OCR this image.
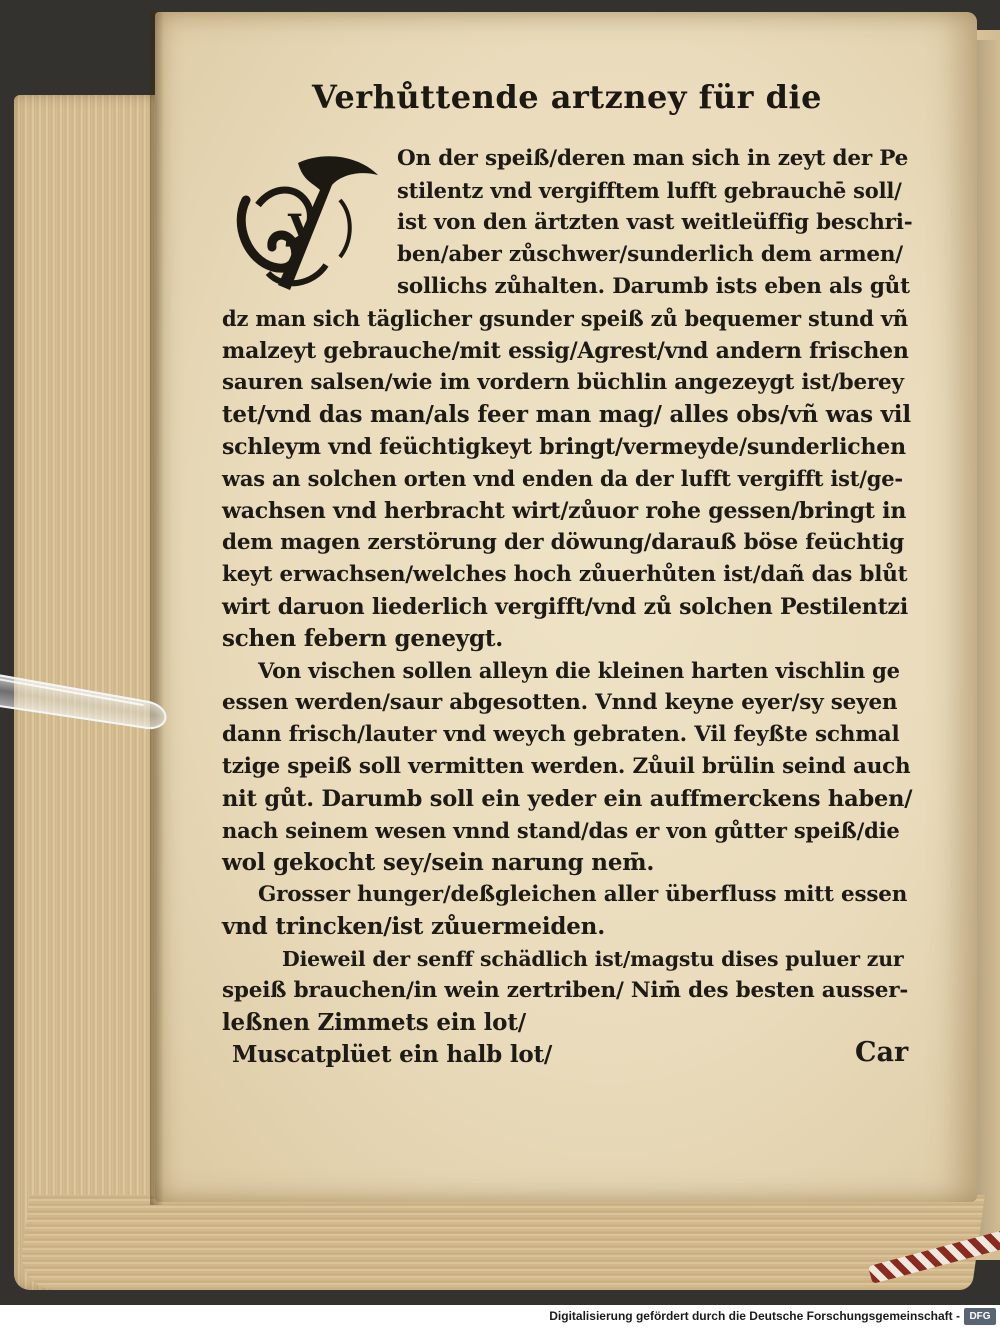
Verhůttende artzney für die
V
On der speiß/deren man sich in zeyt der Pe
stilentz vnd vergifftem lufft gebrauchē soll/
ist von den ärtzten vast weitleüffig beschri-
ben/aber zůschwer/sunderlich dem armen/
sollichs zůhalten. Darumb ists eben als gůt
dz man sich täglicher gsunder speiß zů bequemer stund vñ
malzeyt gebrauche/mit essig/Agrest/vnd andern frischen
sauren salsen/wie im vordern büchlin angezeygt ist/berey
tet/vnd das man/als feer man mag/ alles obs/vñ was vil
schleym vnd feüchtigkeyt bringt/vermeyde/sunderlichen
was an solchen orten vnd enden da der lufft vergifft ist/ge-
wachsen vnd herbracht wirt/zůuor rohe gessen/bringt in
dem magen zerstörung der döwung/darauß böse feüchtig
keyt erwachsen/welches hoch zůuerhůten ist/dañ das blůt
wirt daruon liederlich vergifft/vnd zů solchen Pestilentzi
schen febern geneygt.
Von vischen sollen alleyn die kleinen harten vischlin ge
essen werden/saur abgesotten. Vnnd keyne eyer/sy seyen
dann frisch/lauter vnd weych gebraten. Vil feyßte schmal
tzige speiß soll vermitten werden. Zůuil brülin seind auch
nit gůt. Darumb soll ein yeder ein auffmerckens haben/
nach seinem wesen vnnd stand/das er von gůtter speiß/die
wol gekocht sey/sein narung nem̄.
Grosser hunger/deßgleichen aller überfluss mitt essen
vnd trincken/ist zůuermeiden.
Dieweil der senff schädlich ist/magstu dises puluer zur
speiß brauchen/in wein zertriben/ Nim̄ des besten ausser-
leßnen Zimmets ein lot/
Muscatplüet ein halb lot/	Car
Digitalisierung gefördert durch die Deutsche Forschungsgemeinschaft - DFG
